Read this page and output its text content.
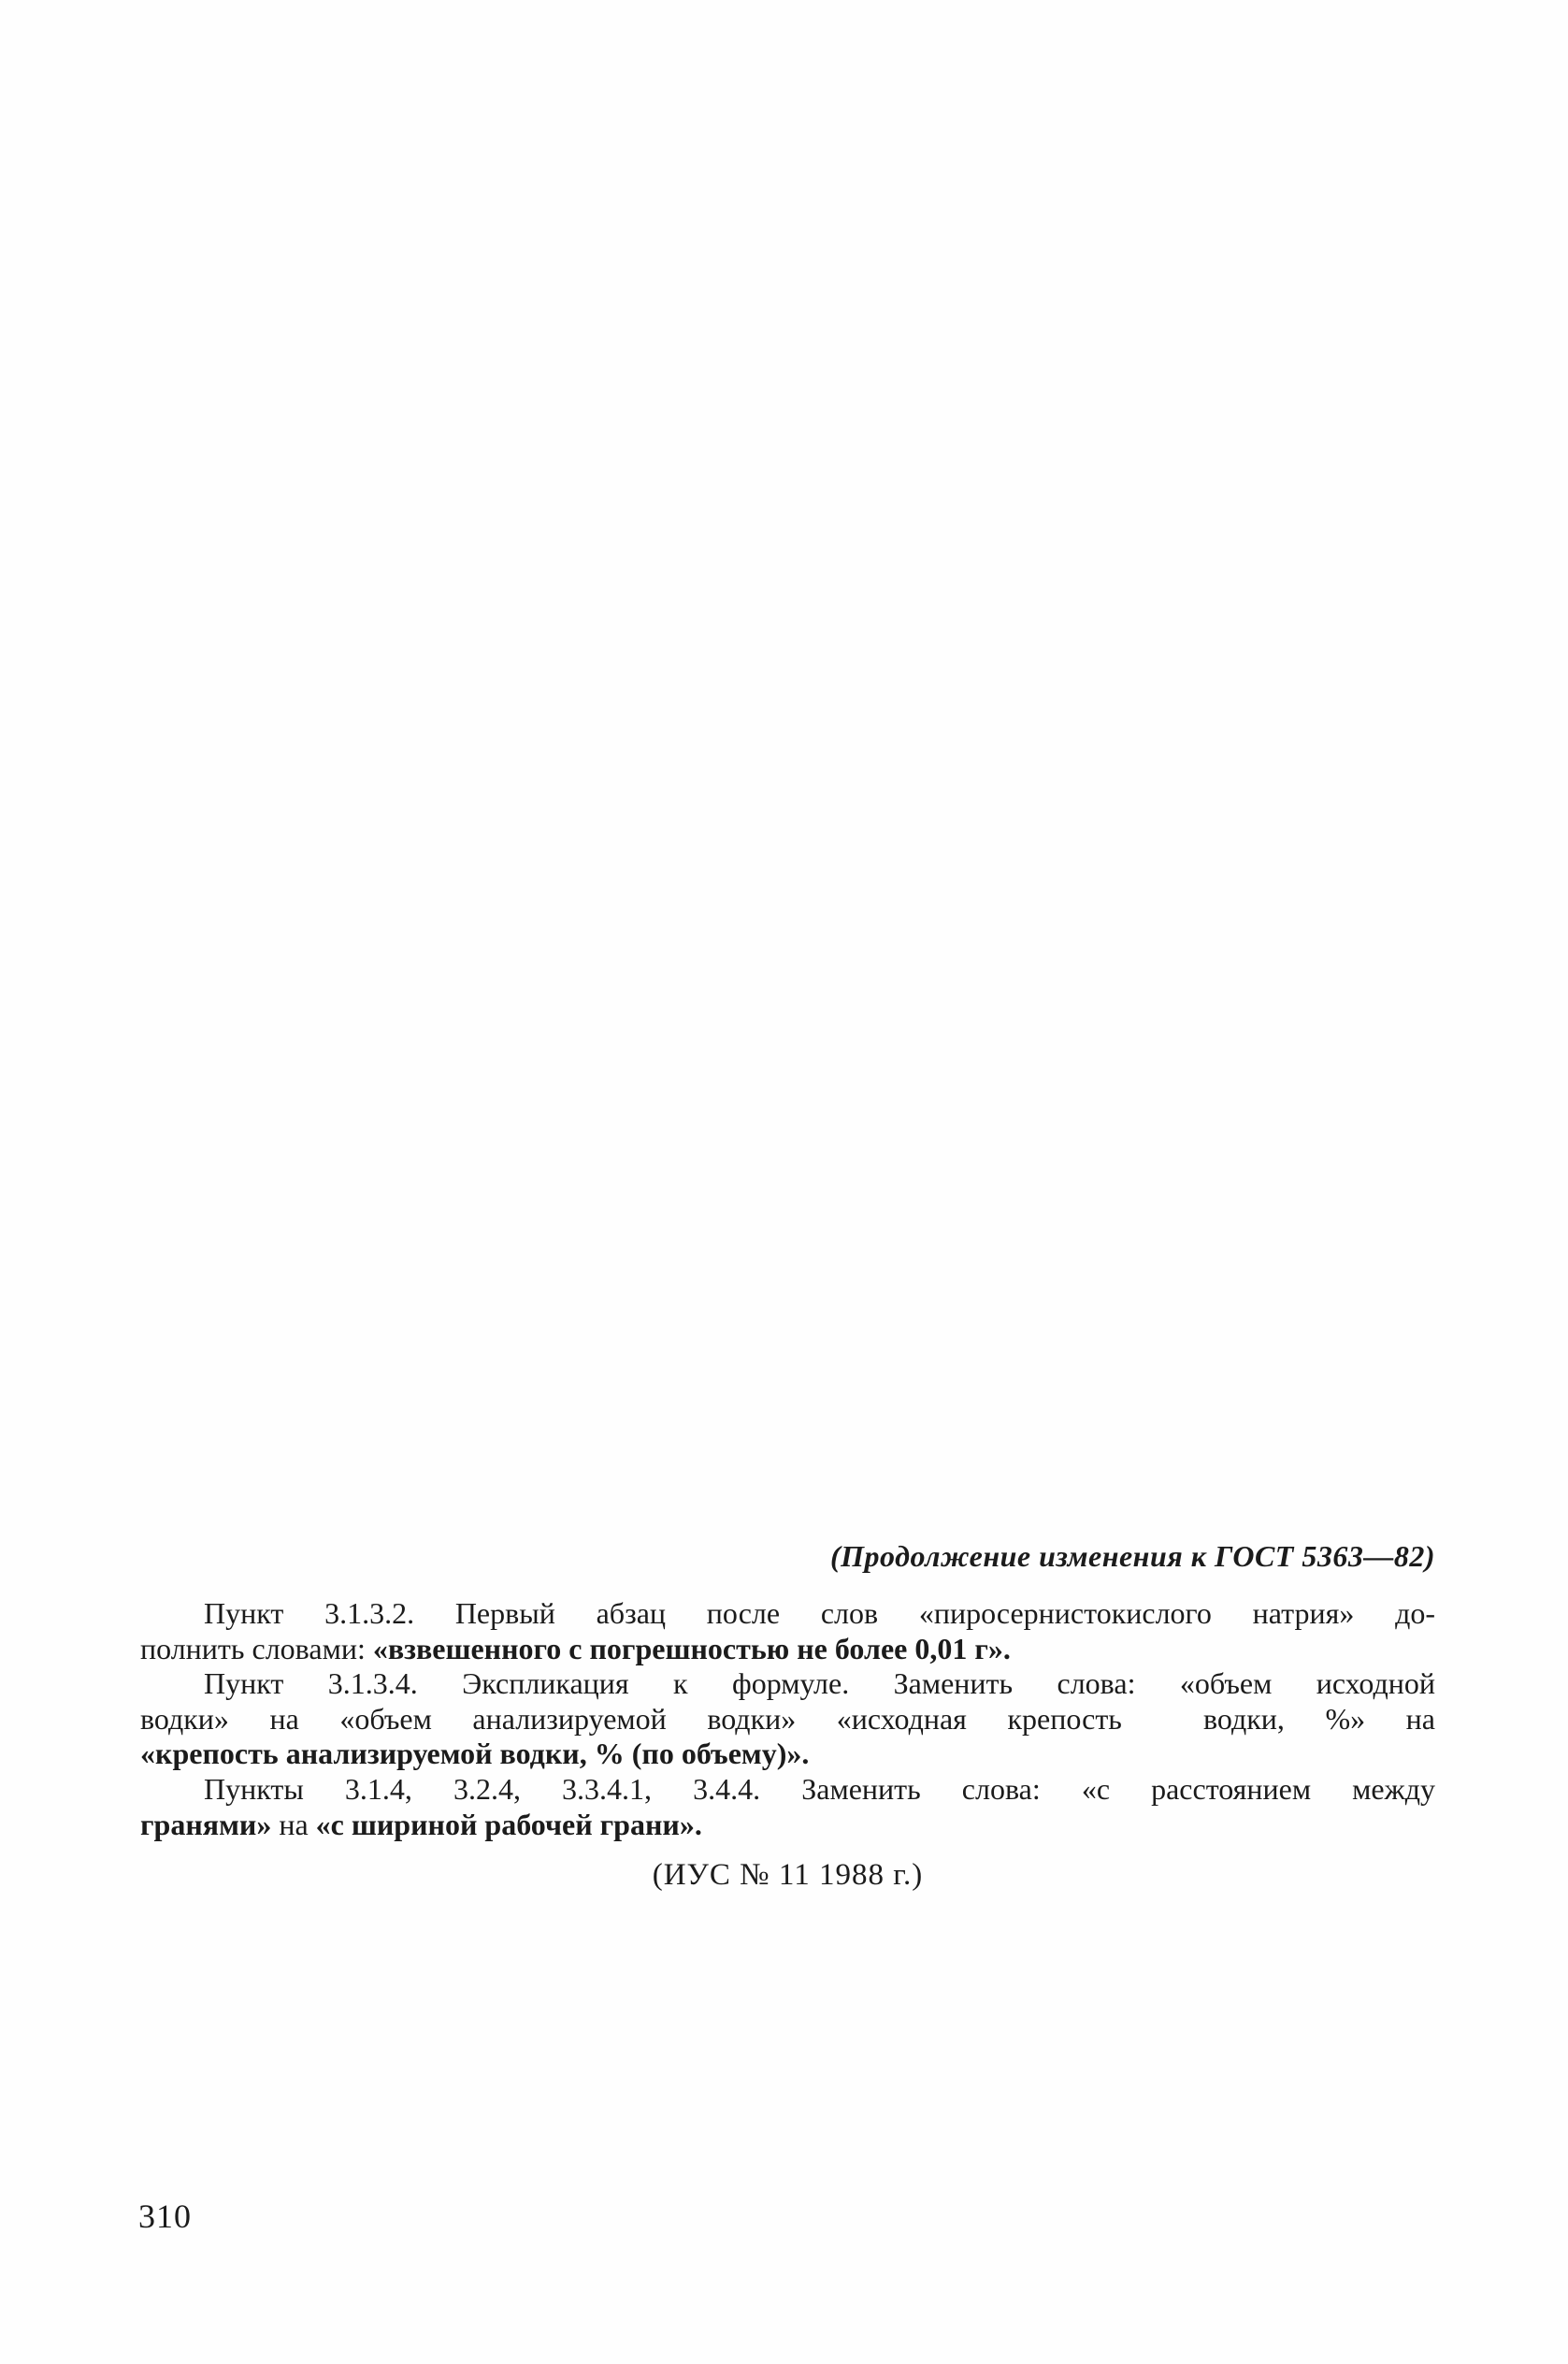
(Продолжение изменения к ГОСТ 5363—82)
Пункт 3.1.3.2. Первый абзац после слов «пиросернистокислого натрия» до-
полнить словами: «взвешенного с погрешностью не более 0,01 г».
Пункт 3.1.3.4. Экспликация к формуле. Заменить слова: «объем исходной
водки» на «объем анализируемой водки» «исходная крепость  водки, %» на
«крепость анализируемой водки, % (по объему)».
Пункты 3.1.4, 3.2.4, 3.3.4.1, 3.4.4. Заменить слова: «с расстоянием между
гранями» на «с шириной рабочей грани».
(ИУС № 11 1988 г.)
310
